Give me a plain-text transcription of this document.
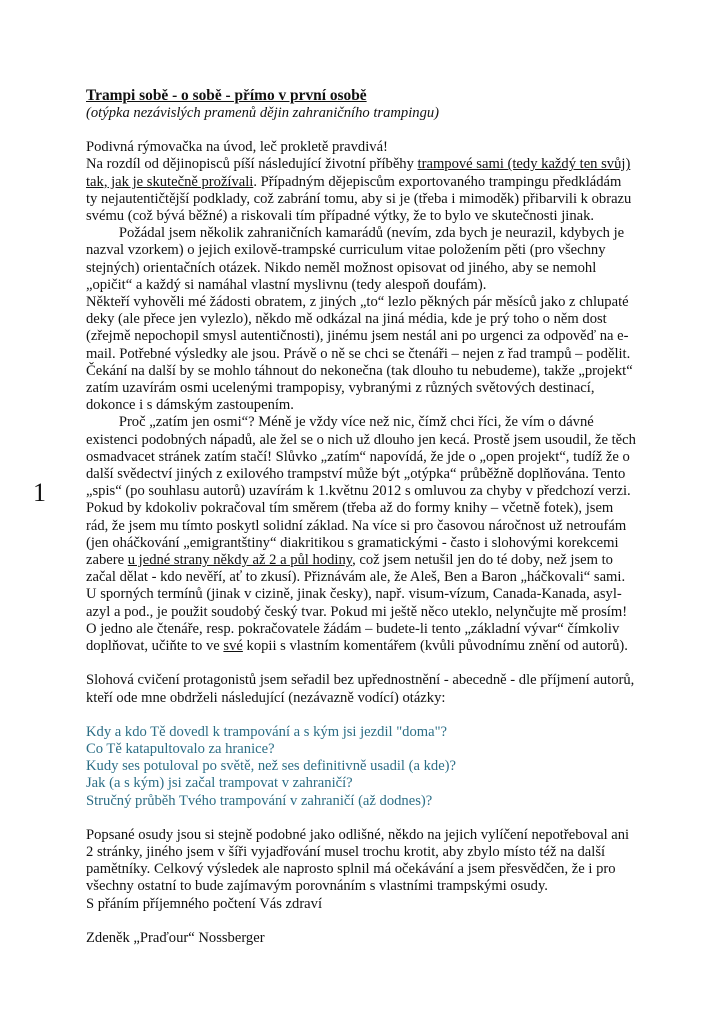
1
Trampi sobě - o sobě - přímo v první osobě
(otýpka nezávislých pramenů dějin zahraničního trampingu)
Podivná rýmovačka na úvod, leč prokletě pravdivá!
Na rozdíl od dějinopisců píší následující životní příběhy trampové sami (tedy každý ten svůj)
tak, jak je skutečně prožívali. Případným dějepiscům exportovaného trampingu předkládám
ty nejautentičtější podklady, což zabrání tomu, aby si je (třeba i mimoděk) přibarvili k obrazu
svému (což bývá běžné) a riskovali tím případné výtky, že to bylo ve skutečnosti jinak.
Požádal jsem několik zahraničních kamarádů (nevím, zda bych je neurazil, kdybych je
nazval vzorkem) o jejich exilově-trampské curriculum vitae položením pěti (pro všechny
stejných) orientačních otázek. Nikdo neměl možnost opisovat od jiného, aby se nemohl
„opičit“ a každý si namáhal vlastní myslivnu (tedy alespoň doufám).
Někteří vyhověli mé žádosti obratem, z jiných „to“ lezlo pěkných pár měsíců jako z chlupaté
deky (ale přece jen vylezlo), někdo mě odkázal na jiná média, kde je prý toho o něm dost
(zřejmě nepochopil smysl autentičnosti), jinému jsem nestál ani po urgenci za odpověď na e-
mail. Potřebné výsledky ale jsou. Právě o ně se chci se čtenáři – nejen z řad trampů – podělit.
Čekání na další by se mohlo táhnout do nekonečna (tak dlouho tu nebudeme), takže „projekt“
zatím uzavírám osmi ucelenými trampopisy, vybranými z různých světových destinací,
dokonce i s dámským zastoupením.
Proč „zatím jen osmi“? Méně je vždy více než nic, čímž chci říci, že vím o dávné
existenci podobných nápadů, ale žel se o nich už dlouho jen kecá. Prostě jsem usoudil, že těch
osmadvacet stránek zatím stačí! Slůvko „zatím“ napovídá, že jde o „open projekt“, tudíž že o
další svědectví jiných z exilového trampství může být „otýpka“ průběžně doplňována. Tento
„spis“ (po souhlasu autorů) uzavírám k 1.květnu 2012 s omluvou za chyby v předchozí verzi.
Pokud by kdokoliv pokračoval tím směrem (třeba až do formy knihy – včetně fotek), jsem
rád, že jsem mu tímto poskytl solidní základ. Na více si pro časovou náročnost už netroufám
(jen oháčkování „emigrantštiny“ diakritikou s gramatickými - často i slohovými korekcemi
zabere u jedné strany někdy až 2 a půl hodiny, což jsem netušil jen do té doby, než jsem to
začal dělat - kdo nevěří, ať to zkusí). Přiznávám ale, že Aleš, Ben a Baron „háčkovali“ sami.
U sporných termínů (jinak v cizině, jinak česky), např. visum-vízum, Canada-Kanada, asyl-
azyl a pod., je použit soudobý český tvar. Pokud mi ještě něco uteklo, nelynčujte mě prosím!
O jedno ale čtenáře, resp. pokračovatele žádám – budete-li tento „základní vývar“ čímkoliv
doplňovat, učiňte to ve své kopii s vlastním komentářem (kvůli původnímu znění od autorů).
Slohová cvičení protagonistů jsem seřadil bez upřednostnění - abecedně - dle příjmení autorů,
kteří ode mne obdrželi následující (nezávazně vodící) otázky:
Kdy a kdo Tě dovedl k trampování a s kým jsi jezdil "doma"?
Co Tě katapultovalo za hranice?
Kudy ses potuloval po světě, než ses definitivně usadil (a kde)?
Jak (a s kým) jsi začal trampovat v zahraničí?
Stručný průběh Tvého trampování v zahraničí (až dodnes)?
Popsané osudy jsou si stejně podobné jako odlišné, někdo na jejich vylíčení nepotřeboval ani
2 stránky, jiného jsem v šíři vyjadřování musel trochu krotit, aby zbylo místo též na další
pamětníky. Celkový výsledek ale naprosto splnil má očekávání a jsem přesvědčen, že i pro
všechny ostatní to bude zajímavým porovnáním s vlastními trampskými osudy.
S přáním příjemného počtení Vás zdraví
Zdeněk „Praďour“ Nossberger
